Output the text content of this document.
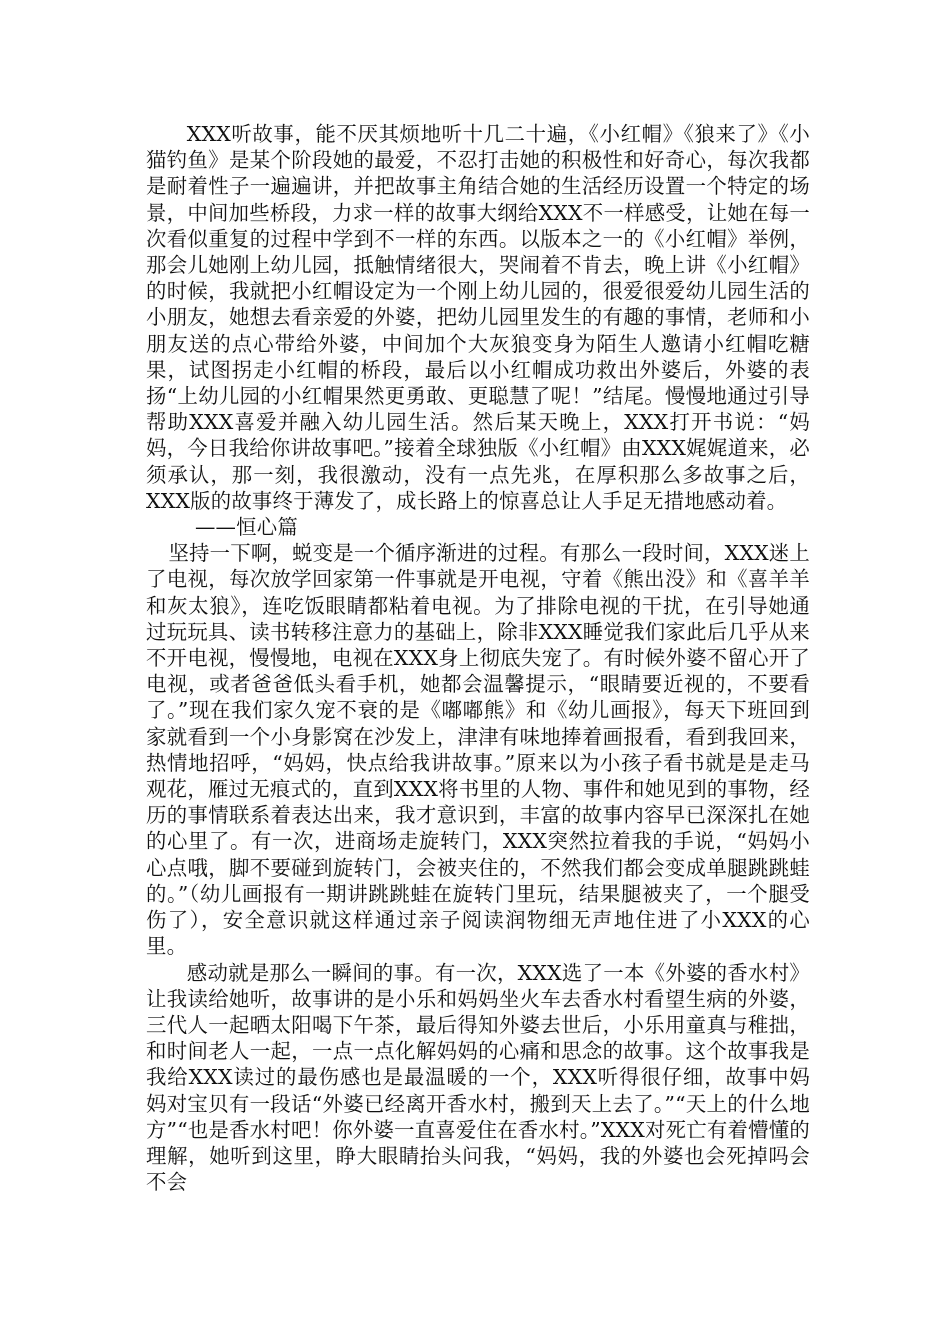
XXX听故事，能不厌其烦地听十几二十遍，《小红帽》《狼来了》《小猫钓鱼》是某个阶段她的最爱，不忍打击她的积极性和好奇心，每次我都是耐着性子一遍遍讲，并把故事主角结合她的生活经历设置一个特定的场景，中间加些桥段，力求一样的故事大纲给XXX不一样感受，让她在每一次看似重复的过程中学到不一样的东西。以版本之一的《小红帽》举例，那会儿她刚上幼儿园，抵触情绪很大，哭闹着不肯去，晚上讲《小红帽》的时候，我就把小红帽设定为一个刚上幼儿园的，很爱很爱幼儿园生活的小朋友，她想去看亲爱的外婆，把幼儿园里发生的有趣的事情，老师和小朋友送的点心带给外婆，中间加个大灰狼变身为陌生人邀请小红帽吃糖果，试图拐走小红帽的桥段，最后以小红帽成功救出外婆后，外婆的表扬“上幼儿园的小红帽果然更勇敢、更聪慧了呢！”结尾。慢慢地通过引导帮助XXX喜爱并融入幼儿园生活。然后某天晚上，XXX打开书说：“妈妈，今日我给你讲故事吧。”接着全球独版《小红帽》由XXX娓娓道来，必须承认，那一刻，我很激动，没有一点先兆，在厚积那么多故事之后，XXX版的故事终于薄发了，成长路上的惊喜总让人手足无措地感动着。

——恒心篇

坚持一下啊，蜕变是一个循序渐进的过程。有那么一段时间，XXX迷上了电视，每次放学回家第一件事就是开电视，守着《熊出没》和《喜羊羊和灰太狼》，连吃饭眼睛都粘着电视。为了排除电视的干扰，在引导她通过玩玩具、读书转移注意力的基础上，除非XXX睡觉我们家此后几乎从来不开电视，慢慢地，电视在XXX身上彻底失宠了。有时候外婆不留心开了电视，或者爸爸低头看手机，她都会温馨提示，“眼睛要近视的，不要看了。”现在我们家久宠不衰的是《嘟嘟熊》和《幼儿画报》，每天下班回到家就看到一个小身影窝在沙发上，津津有味地捧着画报看，看到我回来，热情地招呼，“妈妈，快点给我讲故事。”原来以为小孩子看书就是是走马观花，雁过无痕式的，直到XXX将书里的人物、事件和她见到的事物，经历的事情联系着表达出来，我才意识到，丰富的故事内容早已深深扎在她的心里了。有一次，进商场走旋转门，XXX突然拉着我的手说，“妈妈小心点哦，脚不要碰到旋转门，会被夹住的，不然我们都会变成单腿跳跳蛙的。”（幼儿画报有一期讲跳跳蛙在旋转门里玩，结果腿被夹了，一个腿受伤了），安全意识就这样通过亲子阅读润物细无声地住进了小XXX的心里。

感动就是那么一瞬间的事。有一次，XXX选了一本《外婆的香水村》让我读给她听，故事讲的是小乐和妈妈坐火车去香水村看望生病的外婆，三代人一起晒太阳喝下午茶，最后得知外婆去世后，小乐用童真与稚拙，和时间老人一起，一点一点化解妈妈的心痛和思念的故事。这个故事我是我给XXX读过的最伤感也是最温暖的一个，XXX听得很仔细，故事中妈妈对宝贝有一段话“外婆已经离开香水村，搬到天上去了。”“天上的什么地方”“也是香水村吧！你外婆一直喜爱住在香水村。”XXX对死亡有着懵懂的理解，她听到这里，睁大眼睛抬头问我，“妈妈，我的外婆也会死掉吗会不会
